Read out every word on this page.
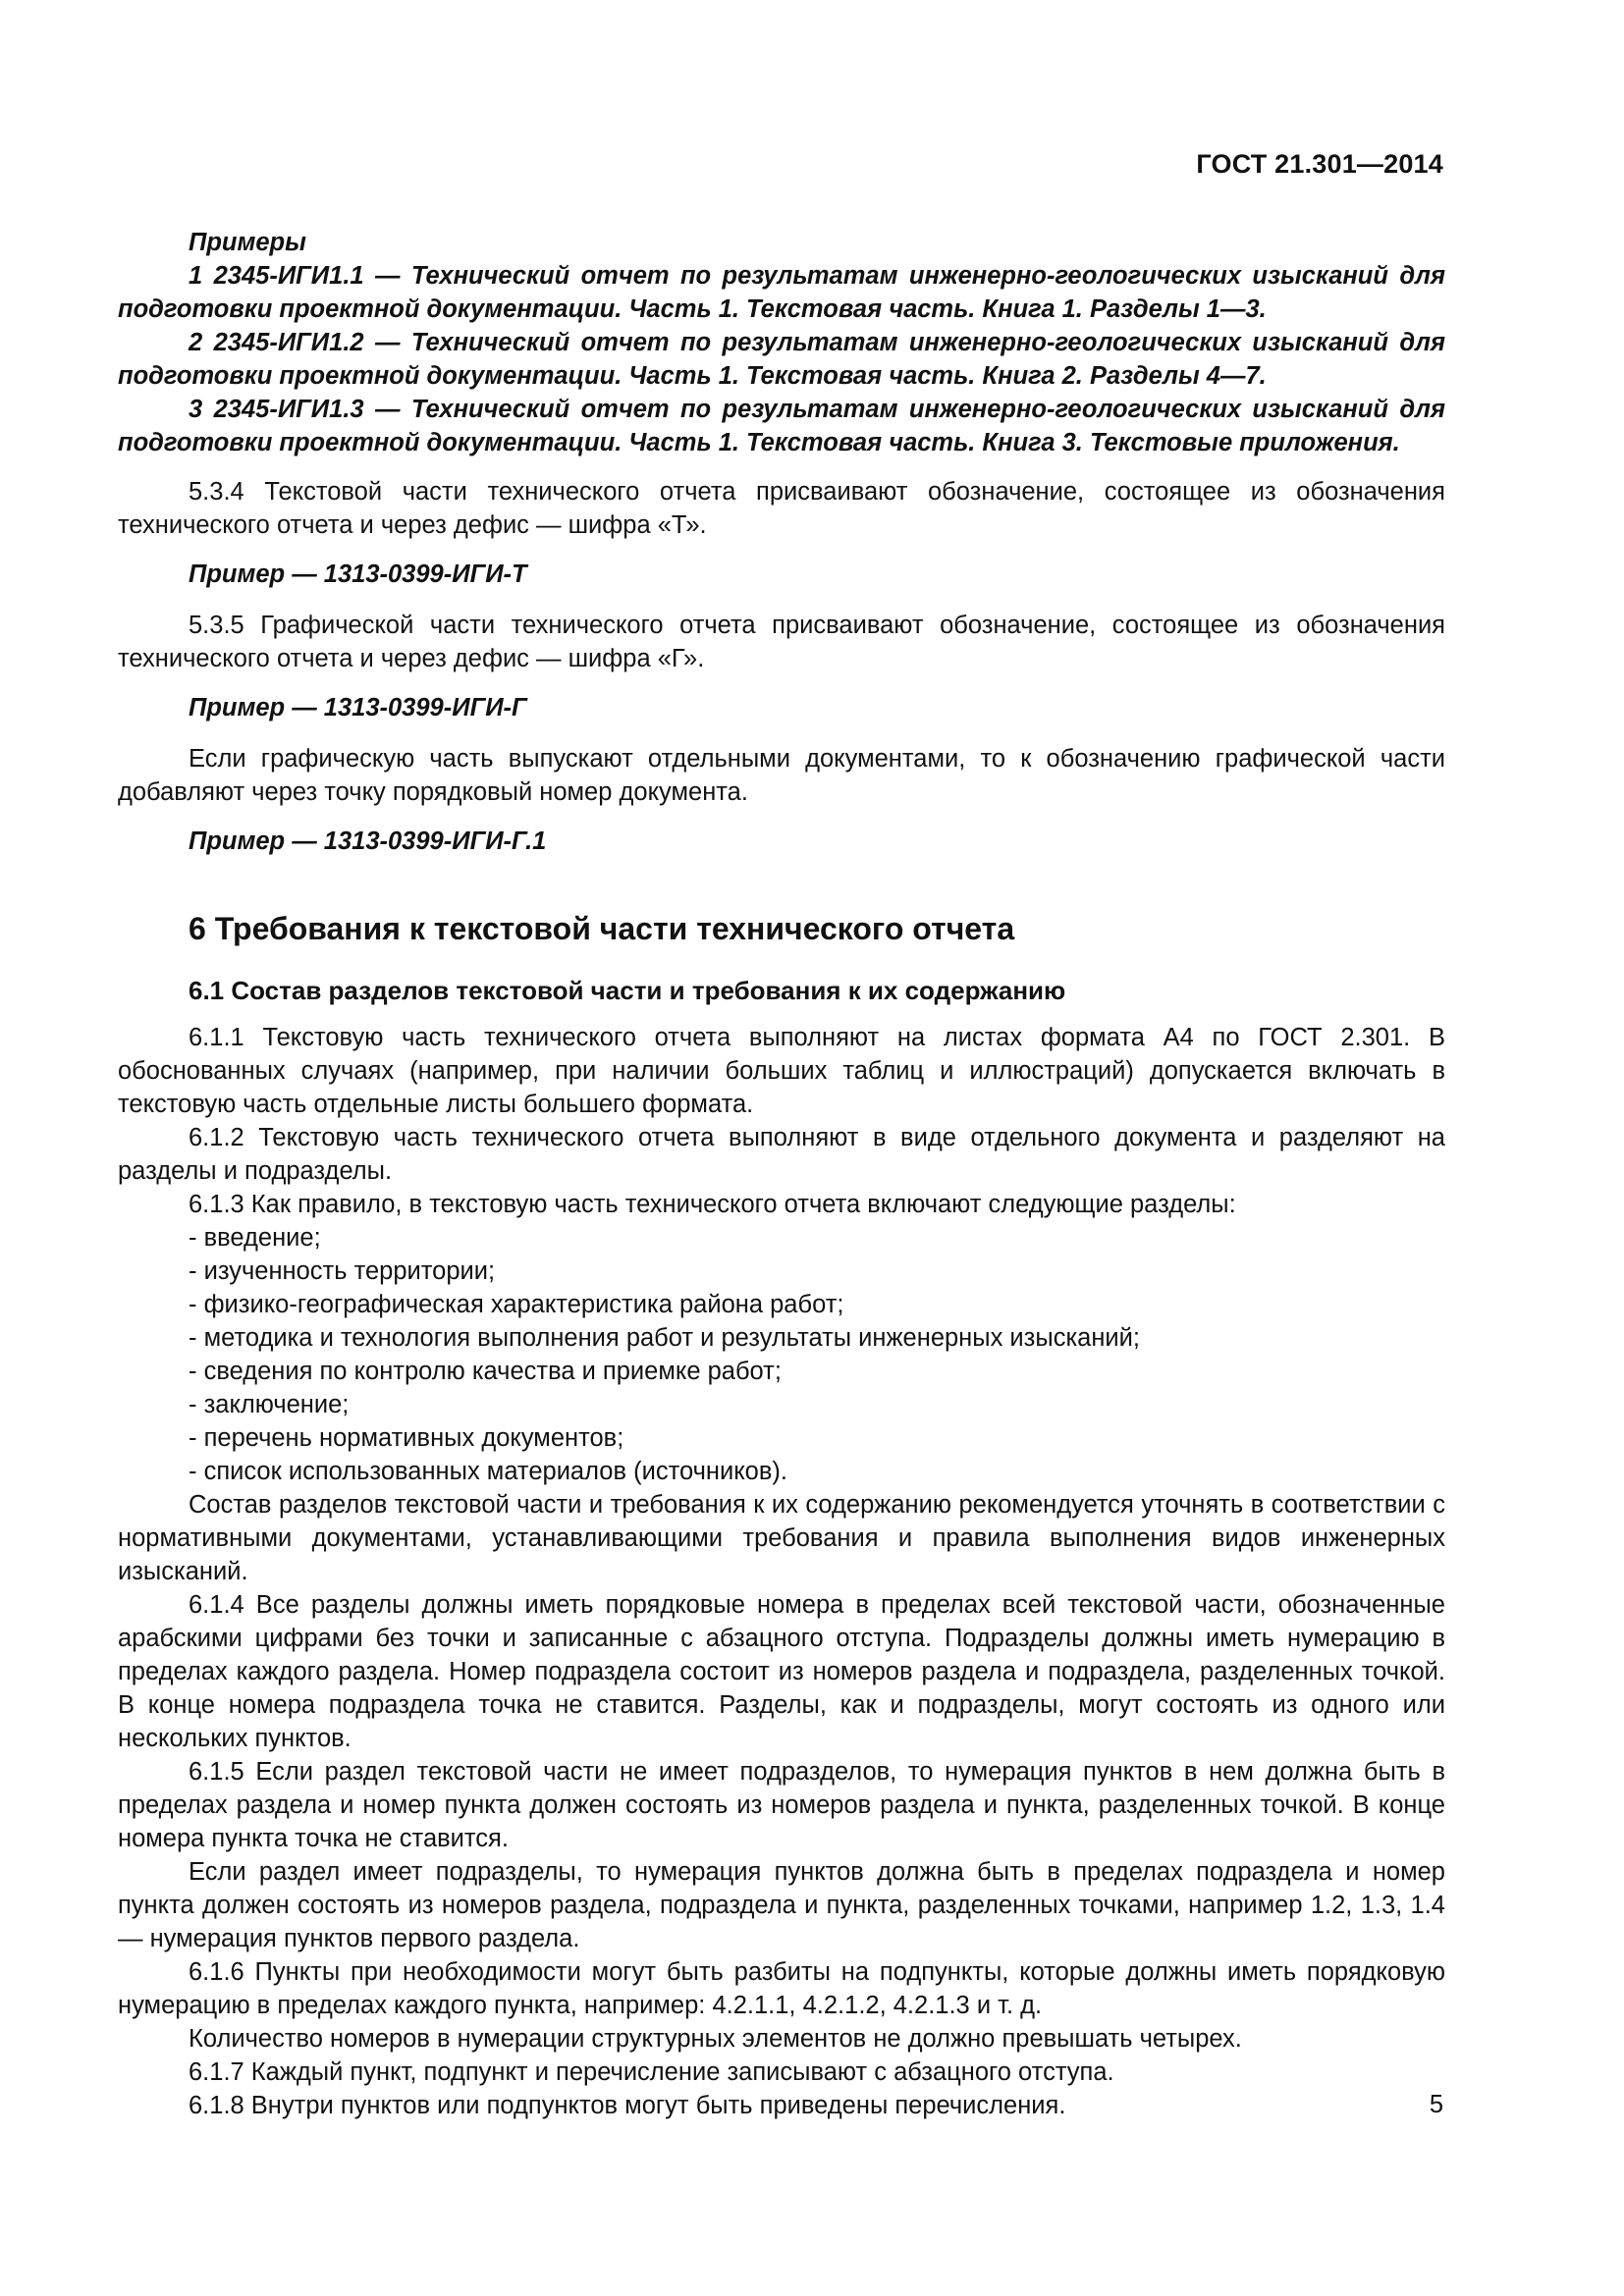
ГОСТ 21.301—2014

Примеры

1 2345-ИГИ1.1 — Технический отчет по результатам инженерно-геологических изысканий для подготовки проектной документации. Часть 1. Текстовая часть. Книга 1. Разделы 1—3.

2 2345-ИГИ1.2 — Технический отчет по результатам инженерно-геологических изысканий для подготовки проектной документации. Часть 1. Текстовая часть. Книга 2. Разделы 4—7.

3 2345-ИГИ1.3 — Технический отчет по результатам инженерно-геологических изысканий для подготовки проектной документации. Часть 1. Текстовая часть. Книга 3. Текстовые приложения.

5.3.4 Текстовой части технического отчета присваивают обозначение, состоящее из обозначения технического отчета и через дефис — шифра «Т».

Пример — 1313-0399-ИГИ-Т

5.3.5 Графической части технического отчета присваивают обозначение, состоящее из обозначения технического отчета и через дефис — шифра «Г».

Пример — 1313-0399-ИГИ-Г

Если графическую часть выпускают отдельными документами, то к обозначению графической части добавляют через точку порядковый номер документа.

Пример — 1313-0399-ИГИ-Г.1

6 Требования к текстовой части технического отчета
6.1 Состав разделов текстовой части и требования к их содержанию

6.1.1 Текстовую часть технического отчета выполняют на листах формата А4 по ГОСТ 2.301. В обоснованных случаях (например, при наличии больших таблиц и иллюстраций) допускается включать в текстовую часть отдельные листы большего формата.

6.1.2 Текстовую часть технического отчета выполняют в виде отдельного документа и разделяют на разделы и подразделы.

6.1.3 Как правило, в текстовую часть технического отчета включают следующие разделы:

- введение;

- изученность территории;

- физико-географическая характеристика района работ;

- методика и технология выполнения работ и результаты инженерных изысканий;

- сведения по контролю качества и приемке работ;

- заключение;

- перечень нормативных документов;

- список использованных материалов (источников).

Состав разделов текстовой части и требования к их содержанию рекомендуется уточнять в соответствии с нормативными документами, устанавливающими требования и правила выполнения видов инженерных изысканий.

6.1.4 Все разделы должны иметь порядковые номера в пределах всей текстовой части, обозначенные арабскими цифрами без точки и записанные с абзацного отступа. Подразделы должны иметь нумерацию в пределах каждого раздела. Номер подраздела состоит из номеров раздела и подраздела, разделенных точкой. В конце номера подраздела точка не ставится. Разделы, как и подразделы, могут состоять из одного или нескольких пунктов.

6.1.5 Если раздел текстовой части не имеет подразделов, то нумерация пунктов в нем должна быть в пределах раздела и номер пункта должен состоять из номеров раздела и пункта, разделенных точкой. В конце номера пункта точка не ставится.

Если раздел имеет подразделы, то нумерация пунктов должна быть в пределах подраздела и номер пункта должен состоять из номеров раздела, подраздела и пункта, разделенных точками, например 1.2, 1.3, 1.4 — нумерация пунктов первого раздела.

6.1.6 Пункты при необходимости могут быть разбиты на подпункты, которые должны иметь порядковую нумерацию в пределах каждого пункта, например: 4.2.1.1, 4.2.1.2, 4.2.1.3 и т. д.

Количество номеров в нумерации структурных элементов не должно превышать четырех.

6.1.7 Каждый пункт, подпункт и перечисление записывают с абзацного отступа.

6.1.8 Внутри пунктов или подпунктов могут быть приведены перечисления.	5
